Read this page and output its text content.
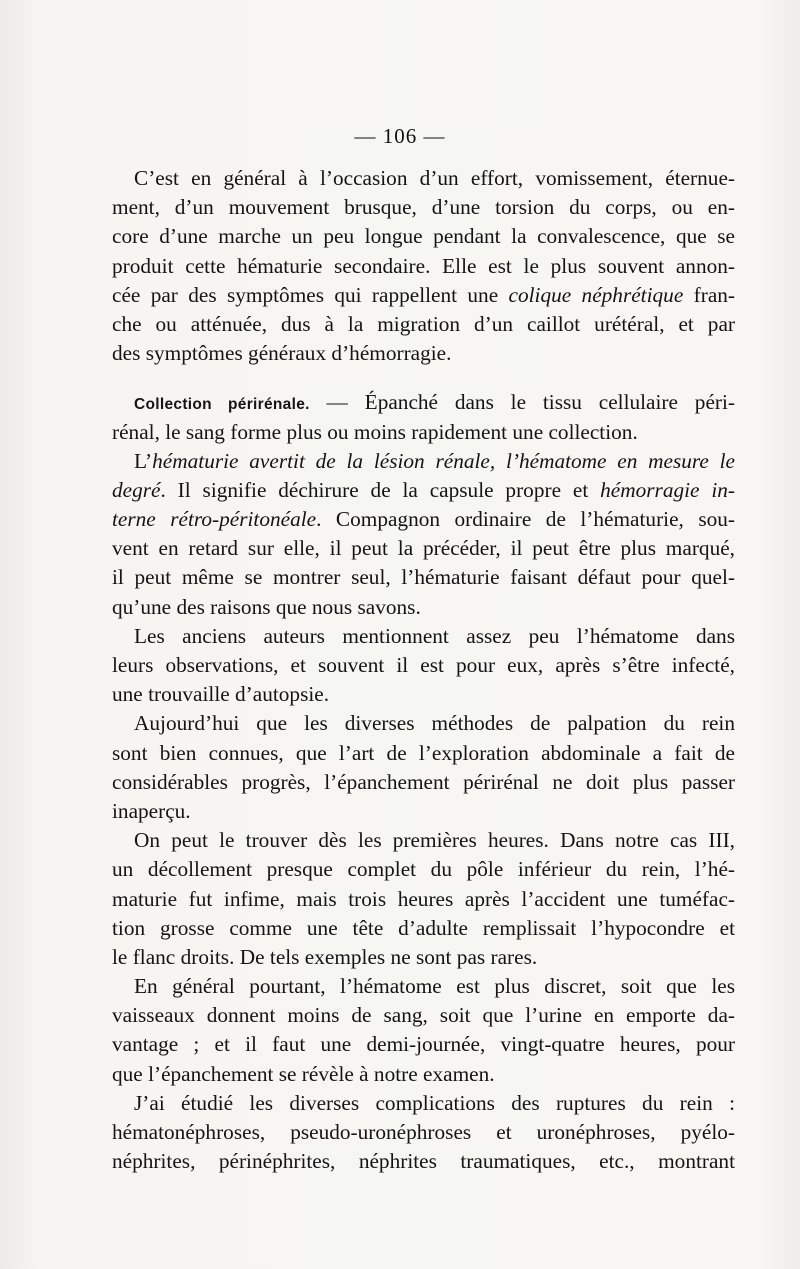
— 106 —
C’est en général à l’occasion d’un effort, vomissement, éternue-
ment, d’un mouvement brusque, d’une torsion du corps, ou en-
core d’une marche un peu longue pendant la convalescence, que se
produit cette hématurie secondaire. Elle est le plus souvent annon-
cée par des symptômes qui rappellent une colique néphrétique fran-
che ou atténuée, dus à la migration d’un caillot urétéral, et par
des symptômes généraux d’hémorragie.
Collection périrénale. — Épanché dans le tissu cellulaire péri-
rénal, le sang forme plus ou moins rapidement une collection.
L’hématurie avertit de la lésion rénale, l’hématome en mesure le
degré. Il signifie déchirure de la capsule propre et hémorragie in-
terne rétro-péritonéale. Compagnon ordinaire de l’hématurie, sou-
vent en retard sur elle, il peut la précéder, il peut être plus marqué,
il peut même se montrer seul, l’hématurie faisant défaut pour quel-
qu’une des raisons que nous savons.
Les anciens auteurs mentionnent assez peu l’hématome dans
leurs observations, et souvent il est pour eux, après s’être infecté,
une trouvaille d’autopsie.
Aujourd’hui que les diverses méthodes de palpation du rein
sont bien connues, que l’art de l’exploration abdominale a fait de
considérables progrès, l’épanchement périrénal ne doit plus passer
inaperçu.
On peut le trouver dès les premières heures. Dans notre cas III,
un décollement presque complet du pôle inférieur du rein, l’hé-
maturie fut infime, mais trois heures après l’accident une tuméfac-
tion grosse comme une tête d’adulte remplissait l’hypocondre et
le flanc droits. De tels exemples ne sont pas rares.
En général pourtant, l’hématome est plus discret, soit que les
vaisseaux donnent moins de sang, soit que l’urine en emporte da-
vantage ; et il faut une demi-journée, vingt-quatre heures, pour
que l’épanchement se révèle à notre examen.
J’ai étudié les diverses complications des ruptures du rein :
hématonéphroses, pseudo-uronéphroses et uronéphroses, pyélo-
néphrites, périnéphrites, néphrites traumatiques, etc., montrant
